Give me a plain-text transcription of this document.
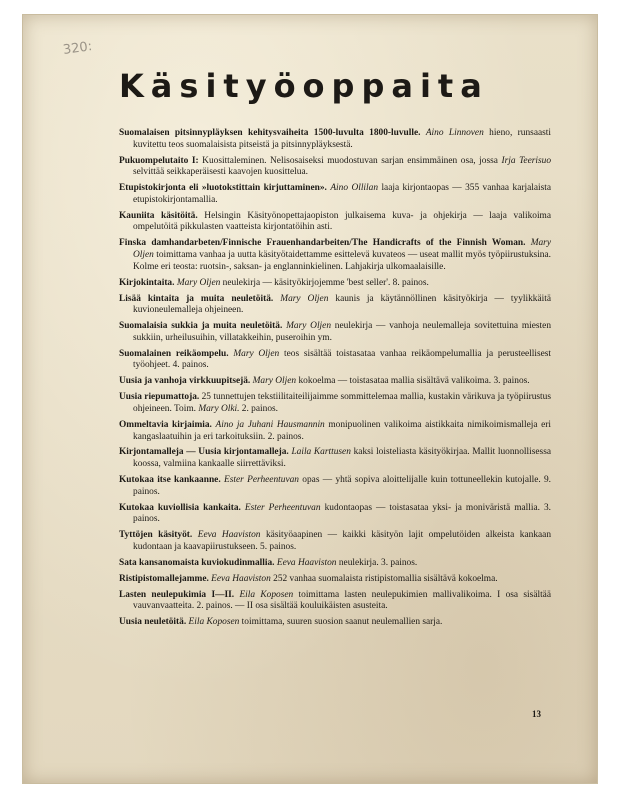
320:
Käsityöoppaita

Suomalaisen pitsinnypläyksen kehitysvaiheita 1500-luvulta 1800-luvulle. Aino Linnoven hieno, runsaasti kuvitettu teos suomalaisista pitseistä ja pitsinnypläyksestä.

Pukuompelutaito I: Kuosittaleminen. Nelisosaiseksi muodostuvan sarjan ensimmäinen osa, jossa Irja Teerisuo selvittää seikkaperäisesti kaavojen kuosittelua.

Etupistokirjonta eli »luotokstittain kirjuttaminen». Aino Ollilan laaja kirjontaopas — 355 vanhaa karjalaista etupistokirjontamallia.

Kauniita käsitöitä. Helsingin Käsityönopettajaopiston julkaisema kuva- ja ohjekirja — laaja valikoima ompelutöitä pikkulasten vaatteista kirjontatöihin asti.

Finska damhandarbeten/Finnische Frauenhandarbeiten/The Handicrafts of the Finnish Woman. Mary Oljen toimittama vanhaa ja uutta käsityötaidettamme esittelevä kuvateos — useat mallit myös työpiirustuksina. Kolme eri teosta: ruotsin-, saksan- ja englanninkielinen. Lahjakirja ulkomaalaisille.

Kirjokintaita. Mary Oljen neulekirja — käsityökirjojemme 'best seller'. 8. painos.

Lisää kintaita ja muita neuletöitä. Mary Oljen kaunis ja käytännöllinen käsityökirja — tyylikkäitä kuvioneulemalleja ohjeineen.

Suomalaisia sukkia ja muita neuletöitä. Mary Oljen neulekirja — vanhoja neulemalleja sovitettuina miesten sukkiin, urheilusuihin, villatakkeihin, puseroihin ym.

Suomalainen reikäompelu. Mary Oljen teos sisältää toistasataa vanhaa reikäompelumallia ja perusteellisest työohjeet. 4. painos.

Uusia ja vanhoja virkkuupitsejä. Mary Oljen kokoelma — toistasataa mallia sisältävä valikoima. 3. painos.

Uusia riepumattoja. 25 tunnettujen tekstiilitaiteilijaimme sommittelemaa mallia, kustakin värikuva ja työpiirustus ohjeineen. Toim. Mary Olki. 2. painos.

Ommeltavia kirjaimia. Aino ja Juhani Hausmannin monipuolinen valikoima aistikkaita nimikoimismalleja eri kangaslaatuihin ja eri tarkoituksiin. 2. painos.

Kirjontamalleja — Uusia kirjontamalleja. Laila Karttusen kaksi loisteliasta käsityökirjaa. Mallit luonnollisessa koossa, valmiina kankaalle siirrettäviksi.

Kutokaa itse kankaanne. Ester Perheentuvan opas — yhtä sopiva aloittelijalle kuin tottuneellekin kutojalle. 9. painos.

Kutokaa kuviollisia kankaita. Ester Perheentuvan kudontaopas — toistasataa yksi- ja moniväristä mallia. 3. painos.

Tyttöjen käsityöt. Eeva Haaviston käsityöaapinen — kaikki käsityön lajit ompelutöiden alkeista kankaan kudontaan ja kaavapiirustukseen. 5. painos.

Sata kansanomaista kuviokudinmallia. Eeva Haaviston neulekirja. 3. painos.

Ristipistomallejamme. Eeva Haaviston 252 vanhaa suomalaista ristipistomallia sisältävä kokoelma.

Lasten neulepukimia I—II. Eila Koposen toimittama lasten neulepukimien mallivalikoima. I osa sisältää vauvanvaatteita. 2. painos. — II osa sisältää kouluikäisten asusteita.

Uusia neuletöitä. Eila Koposen toimittama, suuren suosion saanut neulemallien sarja.

13
